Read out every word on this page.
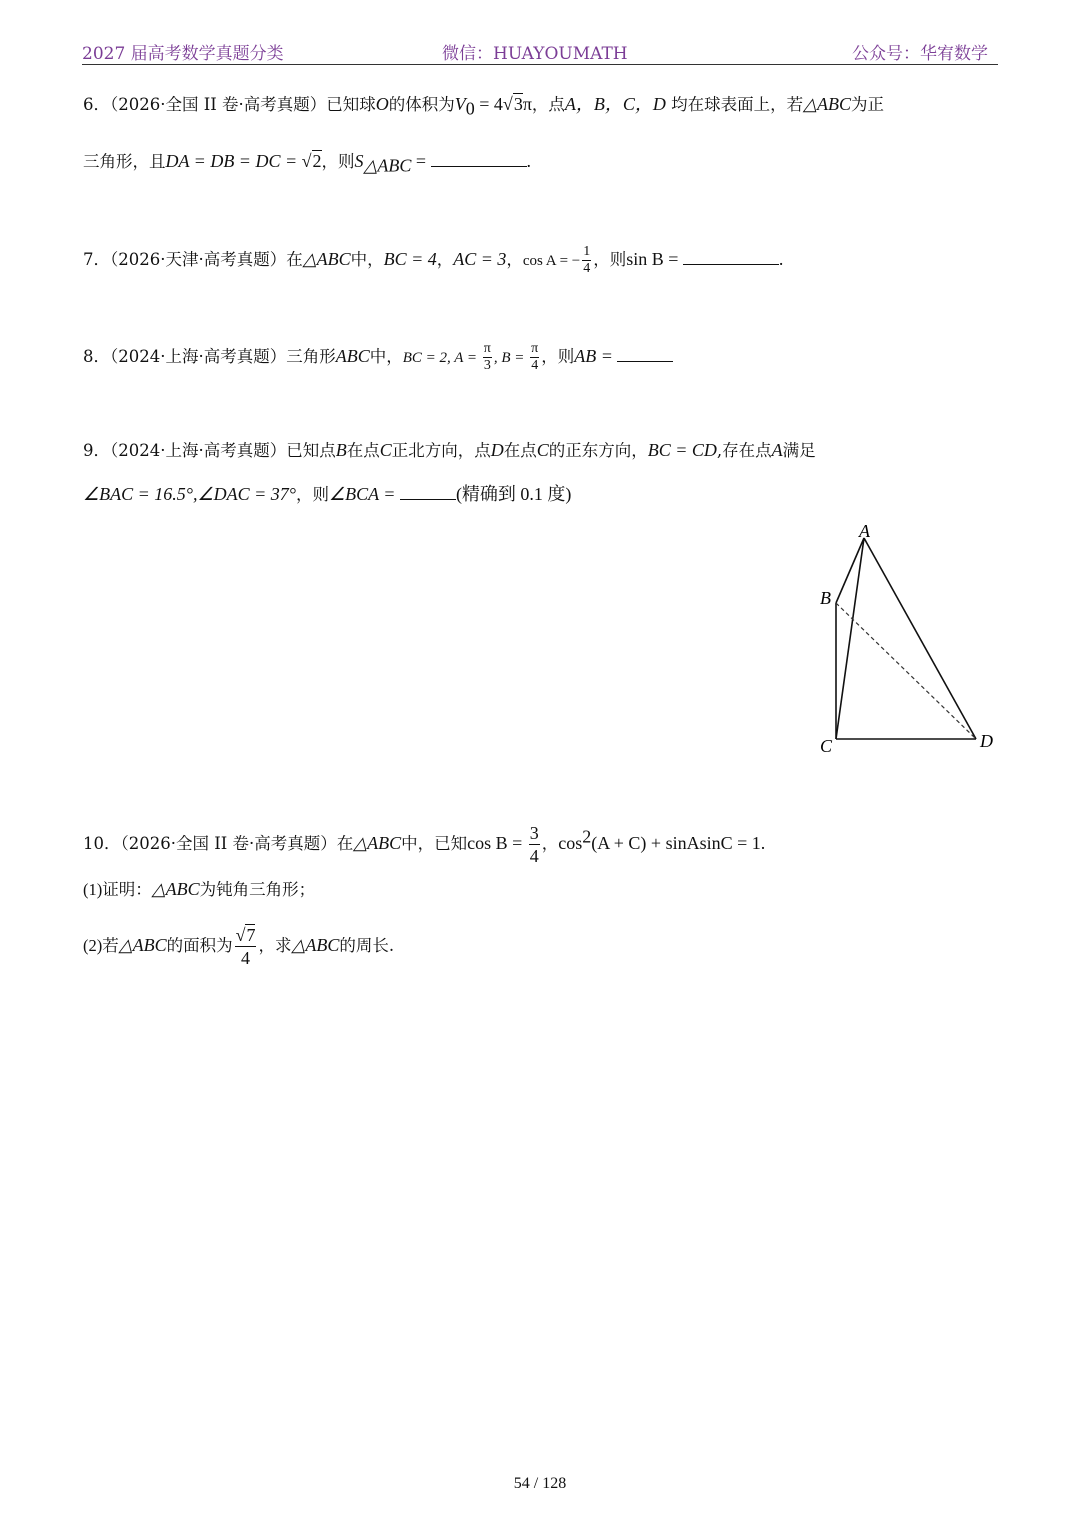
2027 届高考数学真题分类	微信：HUAYOUMATH	公众号：华宥数学
6．（2026·全国 II 卷·高考真题）已知球O的体积为$V_0 = 4√3\pi$，点A，B，C，D 均在球表面上，若△ABC为正
三角形，且DA = DB = DC = √2，则$S_{\triangle ABC}$ =	.
7．（2026·天津·高考真题）在△ABC中，BC = 4，AC = 3，cos A = − $\frac{1}{4}$ ，则sin B =	.
8．（2024·上海·高考真题）三角形ABC中，BC = 2, $A = \frac{\pi}{3}$ , $B = \frac{\pi}{4}$ ，则AB =
9．（2024·上海·高考真题）已知点B在点C正北方向，点D在点C的正东方向，BC = CD,存在点A满足
∠BAC = 16.5°,∠DAC = 37°，则∠BCA =	(精确到 0.1 度)
A
B
C	D
10．（2026·全国 II 卷·高考真题）在△ABC中，已知$\cos B = \frac{3}{4}$ ，$\cos^2(A + C)$ + sinAsinC = 1.
(1)证明：△ABC为钝角三角形；
(2)若△ABC的面积为 $\frac{√7}{4}$ ，求△ABC的周长.
54 / 128
